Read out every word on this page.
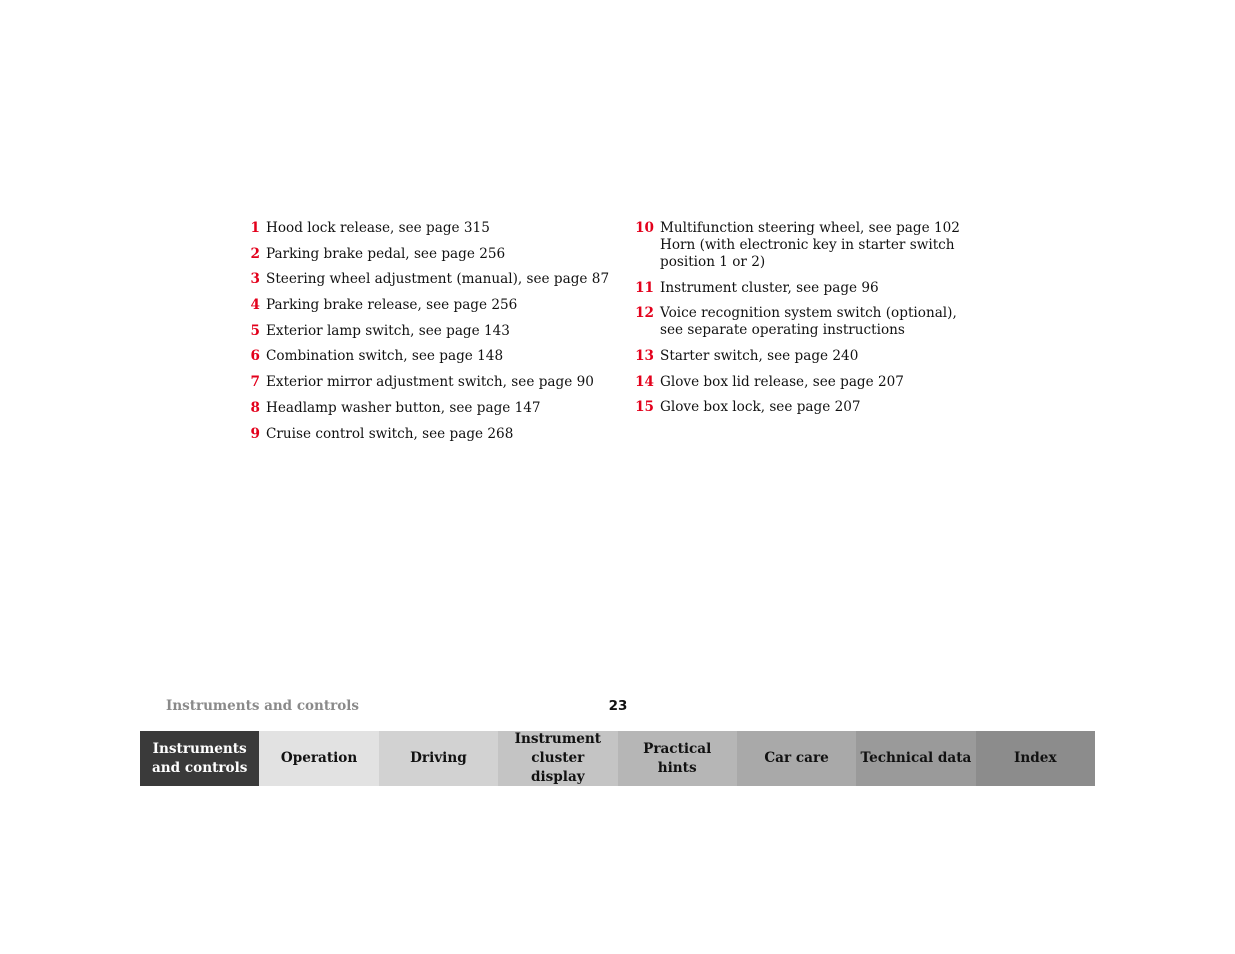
1 Hood lock release, see page 315
2 Parking brake pedal, see page 256
3 Steering wheel adjustment (manual), see page 87
4 Parking brake release, see page 256
5 Exterior lamp switch, see page 143
6 Combination switch, see page 148
7 Exterior mirror adjustment switch, see page 90
8 Headlamp washer button, see page 147
9 Cruise control switch, see page 268
10 Multifunction steering wheel, see page 102
Horn (with electronic key in starter switch position 1 or 2)
11 Instrument cluster, see page 96
12 Voice recognition system switch (optional), see separate operating instructions
13 Starter switch, see page 240
14 Glove box lid release, see page 207
15 Glove box lock, see page 207
Instruments and controls	23
Instruments and controls
Operation	Driving
Instrument cluster display
Practical hints
Car care	Technical data	Index
